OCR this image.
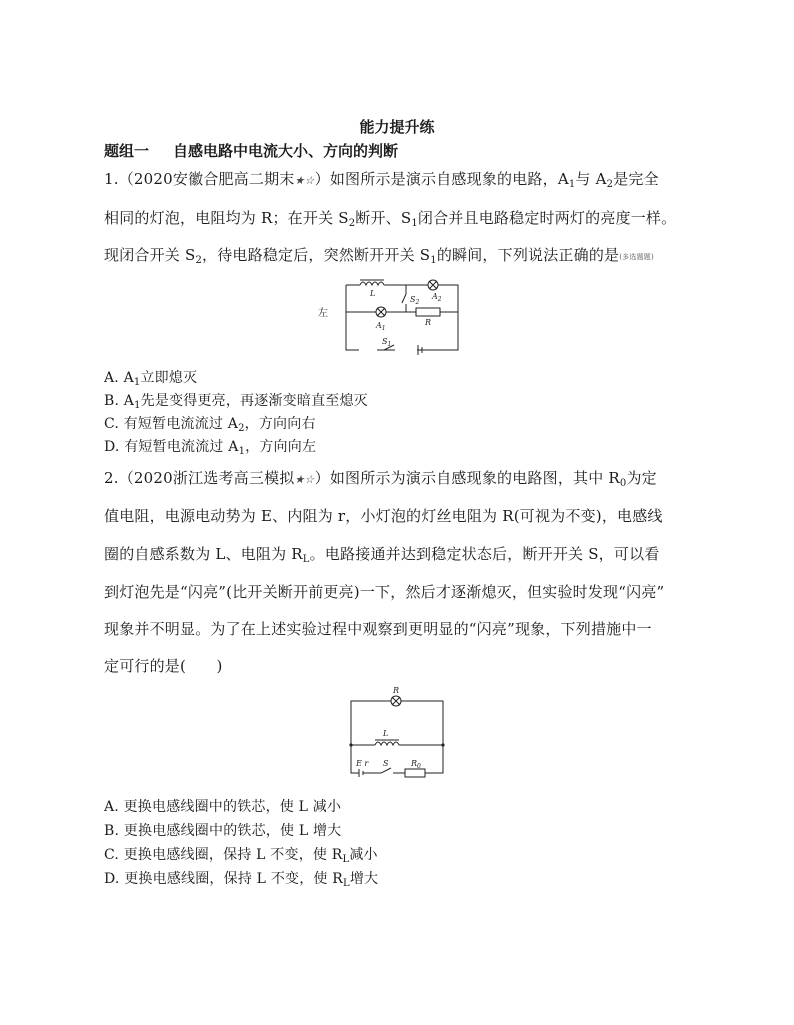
能力提升练
题组一 自感电路中电流大小、方向的判断
1.（2020安徽合肥高二期末★☆）如图所示是演示自感现象的电路，$A_1$与 $A_2$是完全
相同的灯泡，电阻均为 R；在开关 $S_2$断开、$S_1$闭合并且电路稳定时两灯的亮度一样。
现闭合开关 $S_2$，待电路稳定后，突然断开开关 $S_1$的瞬间，下列说法正确的是(多选题题)
左
L	$A_2$
$A_1$
$S_2$
R
$S_1$
A. $A_1$立即熄灭
B. $A_1$先是变得更亮，再逐渐变暗直至熄灭
C. 有短暂电流流过 $A_2$，方向向右
D. 有短暂电流流过 $A_1$，方向向左
2.（2020浙江选考高三模拟★☆）如图所示为演示自感现象的电路图，其中 $R_0$为定
值电阻，电源电动势为 E、内阻为 r，小灯泡的灯丝电阻为 R(可视为不变)，电感线
圈的自感系数为 L、电阻为 $R_L$。电路接通并达到稳定状态后，断开开关 S，可以看
到灯泡先是“闪亮”(比开关断开前更亮)一下，然后才逐渐熄灭，但实验时发现“闪亮”
现象并不明显。为了在上述实验过程中观察到更明显的“闪亮”现象，下列措施中一
定可行的是(　　)
R
L
E r S	$R_0$
A. 更换电感线圈中的铁芯，使 L 减小
B. 更换电感线圈中的铁芯，使 L 增大
C. 更换电感线圈，保持 L 不变，使 $R_L$减小
D. 更换电感线圈，保持 L 不变，使 $R_L$增大
